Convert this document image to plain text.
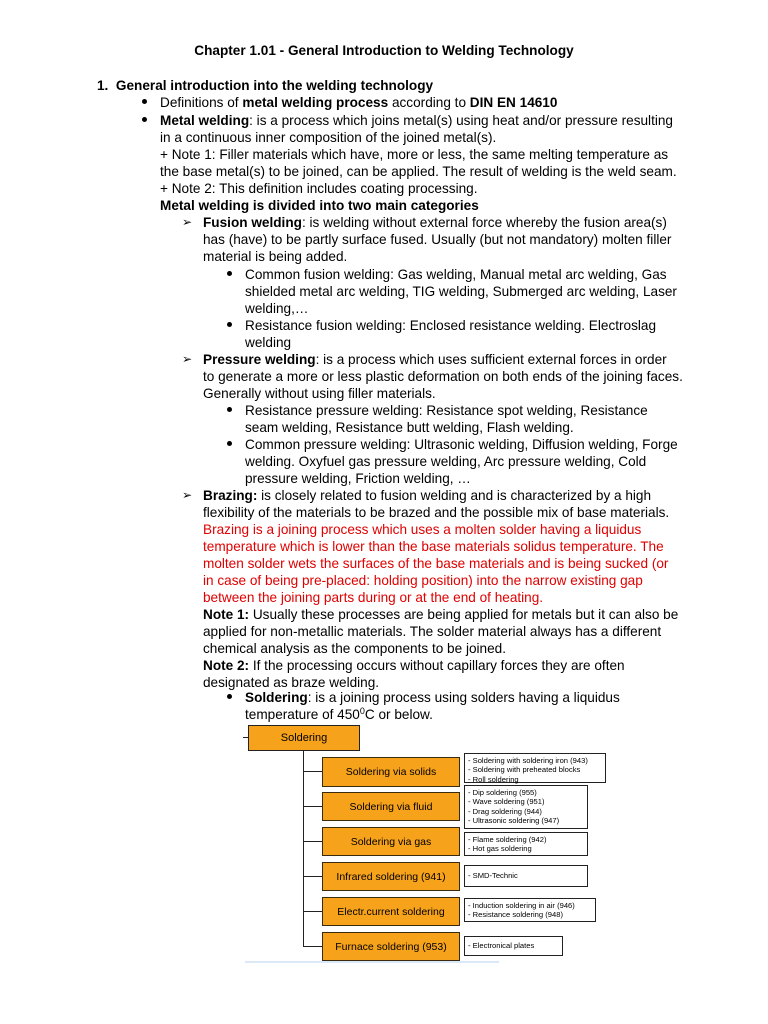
Chapter 1.01 - General Introduction to Welding Technology
1. General introduction into the welding technology
Definitions of metal welding process according to DIN EN 14610
Metal welding: is a process which joins metal(s) using heat and/or pressure resulting
in a continuous inner composition of the joined metal(s).
+ Note 1: Filler materials which have, more or less, the same melting temperature as
the base metal(s) to be joined, can be applied. The result of welding is the weld seam.
+ Note 2: This definition includes coating processing.
Metal welding is divided into two main categories
➢ Fusion welding: is welding without external force whereby the fusion area(s)
has (have) to be partly surface fused. Usually (but not mandatory) molten filler
material is being added.
Common fusion welding: Gas welding, Manual metal arc welding, Gas
shielded metal arc welding, TIG welding, Submerged arc welding, Laser
welding,…
Resistance fusion welding: Enclosed resistance welding. Electroslag
welding
➢ Pressure welding: is a process which uses sufficient external forces in order
to generate a more or less plastic deformation on both ends of the joining faces.
Generally without using filler materials.
Resistance pressure welding: Resistance spot welding, Resistance
seam welding, Resistance butt welding, Flash welding.
Common pressure welding: Ultrasonic welding, Diffusion welding, Forge
welding. Oxyfuel gas pressure welding, Arc pressure welding, Cold
pressure welding, Friction welding, …
➢ Brazing: is closely related to fusion welding and is characterized by a high
flexibility of the materials to be brazed and the possible mix of base materials.
Brazing is a joining process which uses a molten solder having a liquidus
temperature which is lower than the base materials solidus temperature. The
molten solder wets the surfaces of the base materials and is being sucked (or
in case of being pre-placed: holding position) into the narrow existing gap
between the joining parts during or at the end of heating.
Note 1: Usually these processes are being applied for metals but it can also be
applied for non-metallic materials. The solder material always has a different
chemical analysis as the components to be joined.
Note 2: If the processing occurs without capillary forces they are often
designated as braze welding.
Soldering: is a joining process using solders having a liquidus
temperature of $450^0C$ or below.
Soldering
Soldering via solids
- Soldering with soldering iron (943)
- Soldering with preheated blocks
- Roll soldering
Soldering via fluid
- Dip soldering (955)
- Wave soldering (951)
- Drag soldering (944)
- Ultrasonic soldering (947)
Soldering via gas	- Flame soldering (942)
- Hot gas soldering
Infrared soldering (941)	- SMD-Technic
Electr.current soldering	- Induction soldering in air (946)
- Resistance soldering (948)
Furnace soldering (953)	- Electronical plates
